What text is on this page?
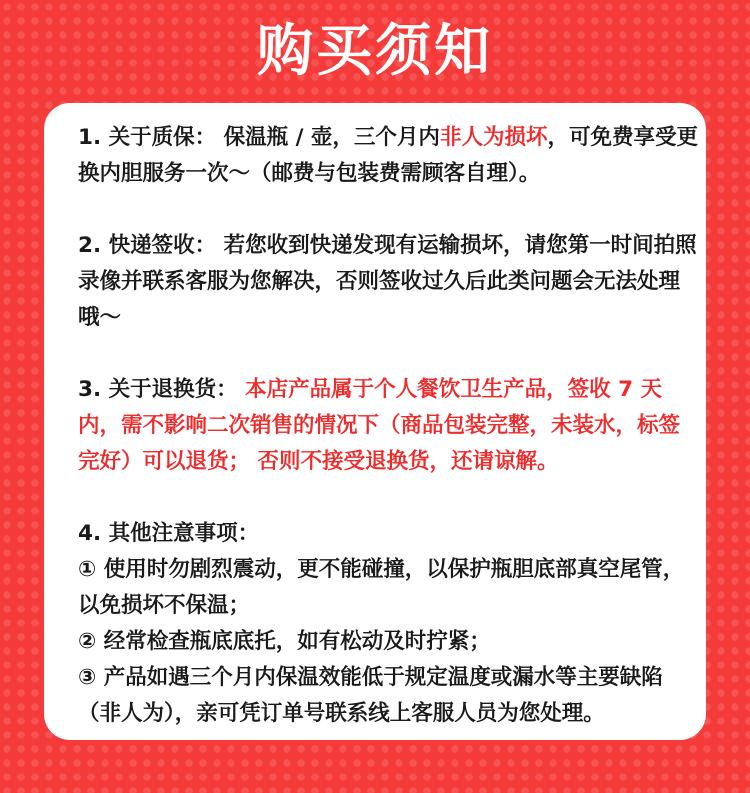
购买须知

1. 关于质保： 保温瓶 / 壶，三个月内非人为损坏，可免费享受更换内胆服务一次～（邮费与包装费需顾客自理）。

2. 快递签收： 若您收到快递发现有运输损坏，请您第一时间拍照录像并联系客服为您解决，否则签收过久后此类问题会无法处理哦～

3. 关于退换货： 本店产品属于个人餐饮卫生产品，签收 7 天内，需不影响二次销售的情况下（商品包装完整，未装水，标签完好）可以退货； 否则不接受退换货，还请谅解。

4. 其他注意事项：

① 使用时勿剧烈震动，更不能碰撞，以保护瓶胆底部真空尾管，以免损坏不保温；

② 经常检查瓶底底托，如有松动及时拧紧；

③ 产品如遇三个月内保温效能低于规定温度或漏水等主要缺陷（非人为），亲可凭订单号联系线上客服人员为您处理。
